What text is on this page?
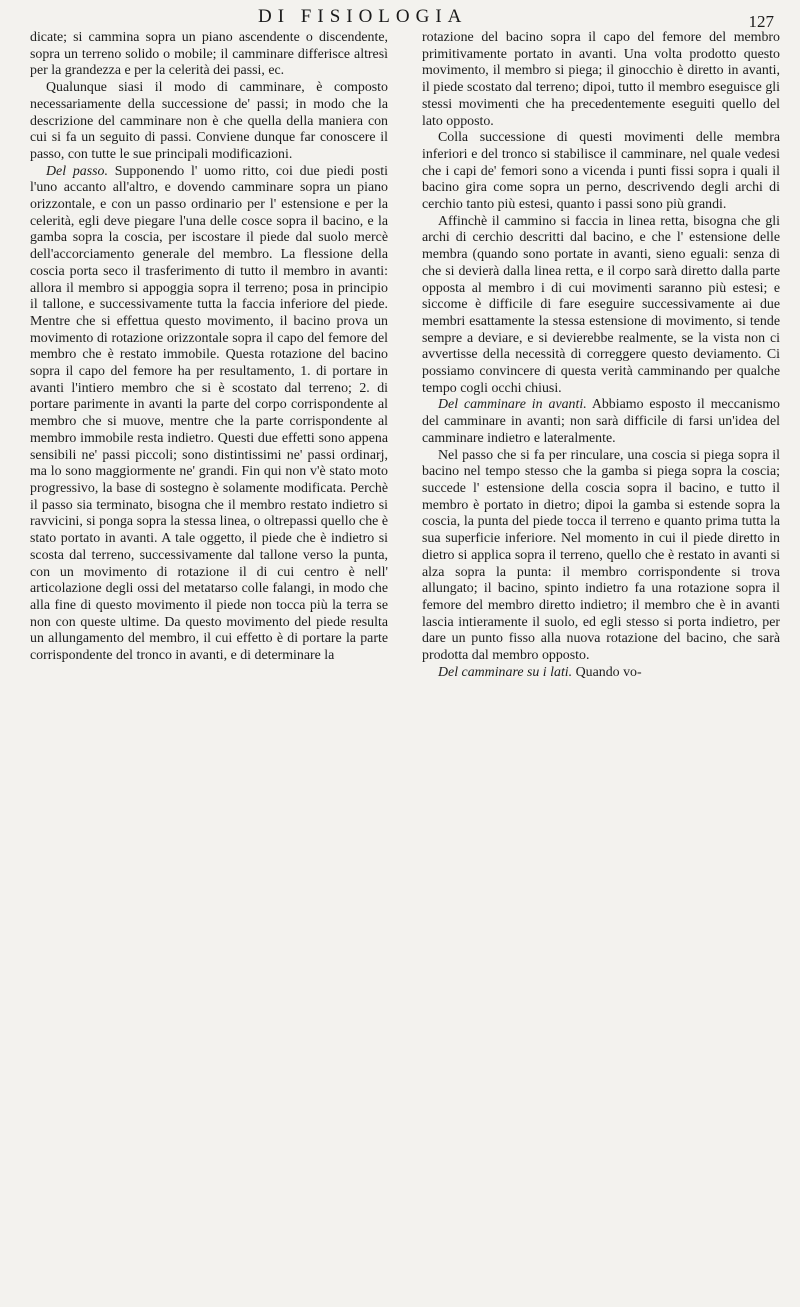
DI FISIOLOGIA	127

dicate; si cammina sopra un piano ascendente o discendente, sopra un terreno solido o mobile; il camminare differisce altresì per la grandezza e per la celerità dei passi, ec.

Qualunque siasi il modo di camminare, è composto necessariamente della successione de' passi; in modo che la descrizione del camminare non è che quella della maniera con cui si fa un seguito di passi. Conviene dunque far conoscere il passo, con tutte le sue principali modificazioni.

Del passo. Supponendo l' uomo ritto, coi due piedi posti l'uno accanto all'altro, e dovendo camminare sopra un piano orizzontale, e con un passo ordinario per l' estensione e per la celerità, egli deve piegare l'una delle cosce sopra il bacino, e la gamba sopra la coscia, per iscostare il piede dal suolo mercè dell'accorciamento generale del membro. La flessione della coscia porta seco il trasferimento di tutto il membro in avanti: allora il membro si appoggia sopra il terreno; posa in principio il tallone, e successivamente tutta la faccia inferiore del piede. Mentre che si effettua questo movimento, il bacino prova un movimento di rotazione orizzontale sopra il capo del femore del membro che è restato immobile. Questa rotazione del bacino sopra il capo del femore ha per resultamento, 1. di portare in avanti l'intiero membro che si è scostato dal terreno; 2. di portare parimente in avanti la parte del corpo corrispondente al membro che si muove, mentre che la parte corrispondente al membro immobile resta indietro. Questi due effetti sono appena sensibili ne' passi piccoli; sono distintissimi ne' passi ordinarj, ma lo sono maggiormente ne' grandi. Fin qui non v'è stato moto progressivo, la base di sostegno è solamente modificata. Perchè il passo sia terminato, bisogna che il membro restato indietro si ravvicini, si ponga sopra la stessa linea, o oltrepassi quello che è stato portato in avanti. A tale oggetto, il piede che è indietro si scosta dal terreno, successivamente dal tallone verso la punta, con un movimento di rotazione il di cui centro è nell' articolazione degli ossi del metatarso colle falangi, in modo che alla fine di questo movimento il piede non tocca più la terra se non con queste ultime. Da questo movimento del piede resulta un allungamento del membro, il cui effetto è di portare la parte corrispondente del tronco in avanti, e di determinare la

rotazione del bacino sopra il capo del femore del membro primitivamente portato in avanti. Una volta prodotto questo movimento, il membro si piega; il ginocchio è diretto in avanti, il piede scostato dal terreno; dipoi, tutto il membro eseguisce gli stessi movimenti che ha precedentemente eseguiti quello del lato opposto.

Colla successione di questi movimenti delle membra inferiori e del tronco si stabilisce il camminare, nel quale vedesi che i capi de' femori sono a vicenda i punti fissi sopra i quali il bacino gira come sopra un perno, descrivendo degli archi di cerchio tanto più estesi, quanto i passi sono più grandi.

Affinchè il cammino si faccia in linea retta, bisogna che gli archi di cerchio descritti dal bacino, e che l' estensione delle membra (quando sono portate in avanti, sieno eguali: senza di che si devierà dalla linea retta, e il corpo sarà diretto dalla parte opposta al membro i di cui movimenti saranno più estesi; e siccome è difficile di fare eseguire successivamente ai due membri esattamente la stessa estensione di movimento, si tende sempre a deviare, e si devierebbe realmente, se la vista non ci avvertisse della necessità di correggere questo deviamento. Ci possiamo convincere di questa verità camminando per qualche tempo cogli occhi chiusi.

Del camminare in avanti. Abbiamo esposto il meccanismo del camminare in avanti; non sarà difficile di farsi un'idea del camminare indietro e lateralmente.

Nel passo che si fa per rinculare, una coscia si piega sopra il bacino nel tempo stesso che la gamba si piega sopra la coscia; succede l' estensione della coscia sopra il bacino, e tutto il membro è portato in dietro; dipoi la gamba si estende sopra la coscia, la punta del piede tocca il terreno e quanto prima tutta la sua superficie inferiore. Nel momento in cui il piede diretto in dietro si applica sopra il terreno, quello che è restato in avanti si alza sopra la punta: il membro corrispondente si trova allungato; il bacino, spinto indietro fa una rotazione sopra il femore del membro diretto indietro; il membro che è in avanti lascia intieramente il suolo, ed egli stesso si porta indietro, per dare un punto fisso alla nuova rotazione del bacino, che sarà prodotta dal membro opposto.

Del camminare su i lati. Quando vo-
